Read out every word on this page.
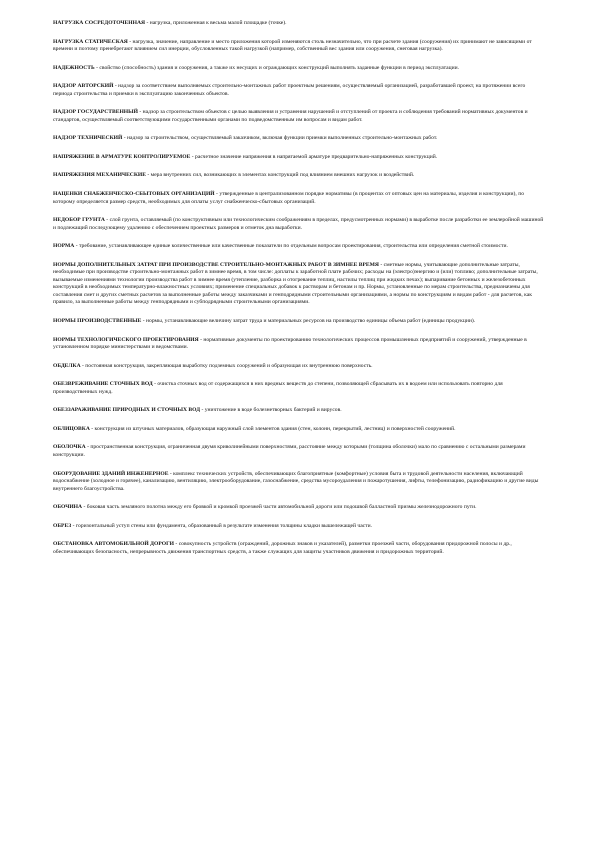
НАГРУЗКА СОСРЕДОТОЧЕННАЯ - нагрузка, приложенная к весьма малой площадке (точке).
НАГРУЗКА СТАТИЧЕСКАЯ - нагрузка, значение, направление и место приложения которой изменяются столь незначительно, что при расчете здания (сооружения) их принимают не зависящими от времени и поэтому пренебрегают влиянием сил инерции, обусловленных такой нагрузкой (например, собственный вес здания или сооружения, снеговая нагрузка).
НАДЕЖНОСТЬ - свойство (способность) здания и сооружения, а также их несущих и ограждающих конструкций выполнять заданные функции в период эксплуатации.
НАДЗОР АВТОРСКИЙ - надзор за соответствием выполняемых строительно-монтажных работ проектным решениям, осуществляемый организацией, разработавшей проект, на протяжении всего периода строительства и приемки в эксплуатацию законченных объектов.
НАДЗОР ГОСУДАРСТВЕННЫЙ - надзор за строительством объектов с целью выявления и устранения нарушений и отступлений от проекта и соблюдения требований нормативных документов и стандартов, осуществляемый соответствующими государственными органами по подведомственным им вопросам и видам работ.
НАДЗОР ТЕХНИЧЕСКИЙ - надзор за строительством, осуществляемый заказчиком, включая функции приемки выполненных строительно-монтажных работ.
НАПРЯЖЕНИЕ В АРМАТУРЕ КОНТРОЛИРУЕМОЕ - расчетное значение напряжения в напрягаемой арматуре предварительно-напряженных конструкций.
НАПРЯЖЕНИЯ МЕХАНИЧЕСКИЕ - мера внутренних сил, возникающих в элементах конструкций под влиянием внешних нагрузок и воздействий.
НАЦЕНКИ СНАБЖЕНЧЕСКО-СБЫТОВЫХ ОРГАНИЗАЦИЙ - утвержденные в централизованном порядке нормативы (в процентах от оптовых цен на материалы, изделия и конструкции), по которому определяется размер средств, необходимых для оплаты услуг снабженческо-сбытовых организаций.
НЕДОБОР ГРУНТА - слой грунта, оставляемый (по конструктивным или технологическим соображениям в пределах, предусмотренных нормами) в выработке после разработки ее землеройной машиной и подлежащий последующему удалению с обеспечением проектных размеров и отметок дна выработки.
НОРМА - требование, устанавливающее единые количественные или качественные показатели по отдельным вопросам проектирования, строительства или определения сметной стоимости.
НОРМЫ ДОПОЛНИТЕЛЬНЫХ ЗАТРАТ ПРИ ПРОИЗВОДСТВЕ СТРОИТЕЛЬНО-МОНТАЖНЫХ РАБОТ В ЗИМНЕЕ ВРЕМЯ - сметные нормы, учитывающие дополнительные затраты, необходимые при производстве строительно-монтажных работ в зимнее время, в том числе: доплаты к заработной плате рабочих; расходы на (электро)энергию и (или) топливо; дополнительные затраты, вызываемые изменениями технологии производства работ в зимнее время (утепление, разборка и отогревание теплиц, настилы теплиц при жидких печах); выпаривание бетонных и железобетонных конструкций в необходимых температурно-влажностных условиях; применение специальных добавок к растворам и бетонам и пр. Нормы, установленные по мерам строительства, предназначены для составления смет и других сметных расчетов за выполненные работы между заказчиками и генподрядными строительными организациями, а нормы по конструкциям и видам работ - для расчетов, как правило, за выполненные работы между генподрядными и субподрядными строительными организациями.
НОРМЫ ПРОИЗВОДСТВЕННЫЕ - нормы, устанавливающие величину затрат труда и материальных ресурсов на производство единицы объема работ (единицы продукции).
НОРМЫ ТЕХНОЛОГИЧЕСКОГО ПРОЕКТИРОВАНИЯ - нормативные документы по проектированию технологических процессов промышленных предприятий и сооружений, утвержденные в установленном порядке министерствами и ведомствами.
ОБДЕЛКА - постоянная конструкция, закрепляющая выработку подземных сооружений и образующая их внутреннюю поверхность.
ОБЕЗВРЕЖИВАНИЕ СТОЧНЫХ ВОД - очистка сточных вод от содержащихся в них вредных веществ до степени, позволяющей сбрасывать их в водоем или использовать повторно для производственных нужд.
ОБЕЗЗАРАЖИВАНИЕ ПРИРОДНЫХ И СТОЧНЫХ ВОД - уничтожение в воде болезнетворных бактерий и вирусов.
ОБЛИЦОВКА - конструкция из штучных материалов, образующая наружный слой элементов здания (стен, колонн, перекрытий, лестниц) и поверхностей сооружений.
ОБОЛОЧКА - пространственная конструкция, ограниченная двумя криволинейными поверхностями, расстояние между которыми (толщина оболочки) мало по сравнению с остальными размерами конструкции.
ОБОРУДОВАНИЕ ЗДАНИЙ ИНЖЕНЕРНОЕ - комплекс технических устройств, обеспечивающих благоприятные (комфортные) условия быта и трудовой деятельности населения, включающий водоснабжение (холодное и горячее), канализацию, вентиляцию, электрооборудование, газоснабжение, средства мусороудаления и пожаротушения, лифты, телефонизацию, радиофикацию и другие виды внутреннего благоустройства.
ОБОЧИНА - боковая часть земляного полотна между его бровкой и кромкой проезжей части автомобильной дороги или подошвой балластной призмы железнодорожного пути.
ОБРЕЗ - горизонтальный уступ стены или фундамента, образованный в результате изменения толщины кладки вышележащей части.
ОБСТАНОВКА АВТОМОБИЛЬНОЙ ДОРОГИ - совокупность устройств (ограждений, дорожных знаков и указателей), разметки проезжей части, оборудования придорожной полосы и др., обеспечивающих безопасность, непрерывность движения транспортных средств, а также служащих для защиты участников движения и придорожных территорий.
